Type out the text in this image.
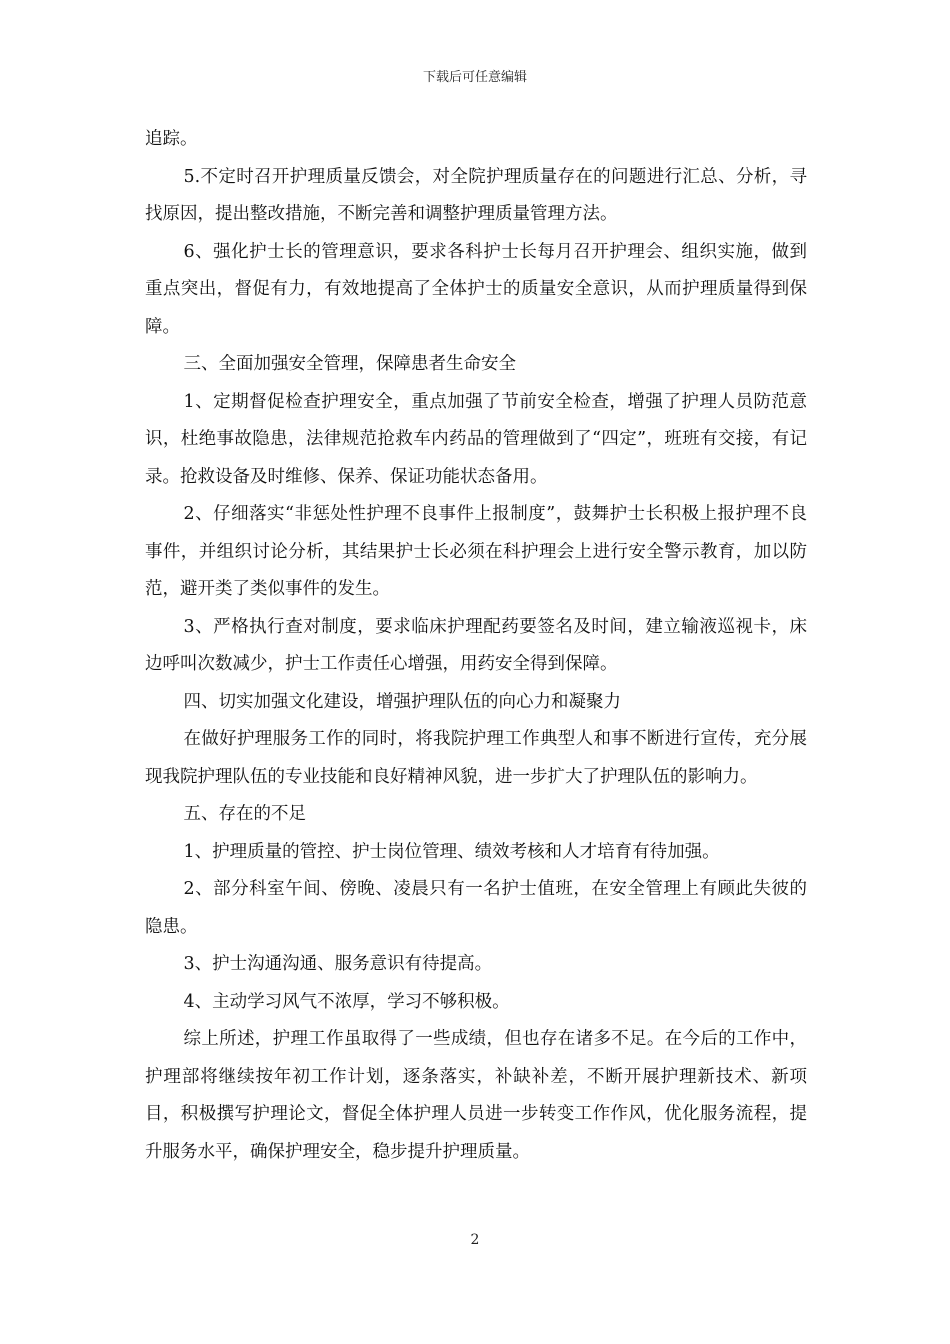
下载后可任意编辑

追踪。

5.不定时召开护理质量反馈会，对全院护理质量存在的问题进行汇总、分析，寻找原因，提出整改措施，不断完善和调整护理质量管理方法。

6、强化护士长的管理意识，要求各科护士长每月召开护理会、组织实施，做到重点突出，督促有力，有效地提高了全体护士的质量安全意识，从而护理质量得到保障。

三、全面加强安全管理，保障患者生命安全

1、定期督促检查护理安全，重点加强了节前安全检查，增强了护理人员防范意识，杜绝事故隐患，法律规范抢救车内药品的管理做到了“四定”，班班有交接，有记录。抢救设备及时维修、保养、保证功能状态备用。

2、仔细落实“非惩处性护理不良事件上报制度”，鼓舞护士长积极上报护理不良事件，并组织讨论分析，其结果护士长必须在科护理会上进行安全警示教育，加以防范，避开类了类似事件的发生。

3、严格执行查对制度，要求临床护理配药要签名及时间，建立输液巡视卡，床边呼叫次数减少，护士工作责任心增强，用药安全得到保障。

四、切实加强文化建设，增强护理队伍的向心力和凝聚力

在做好护理服务工作的同时，将我院护理工作典型人和事不断进行宣传，充分展现我院护理队伍的专业技能和良好精神风貌，进一步扩大了护理队伍的影响力。

五、存在的不足

1、护理质量的管控、护士岗位管理、绩效考核和人才培育有待加强。

2、部分科室午间、傍晚、凌晨只有一名护士值班，在安全管理上有顾此失彼的隐患。

3、护士沟通沟通、服务意识有待提高。

4、主动学习风气不浓厚，学习不够积极。

综上所述，护理工作虽取得了一些成绩，但也存在诸多不足。在今后的工作中，护理部将继续按年初工作计划，逐条落实，补缺补差，不断开展护理新技术、新项目，积极撰写护理论文，督促全体护理人员进一步转变工作作风，优化服务流程，提升服务水平，确保护理安全，稳步提升护理质量。

2
